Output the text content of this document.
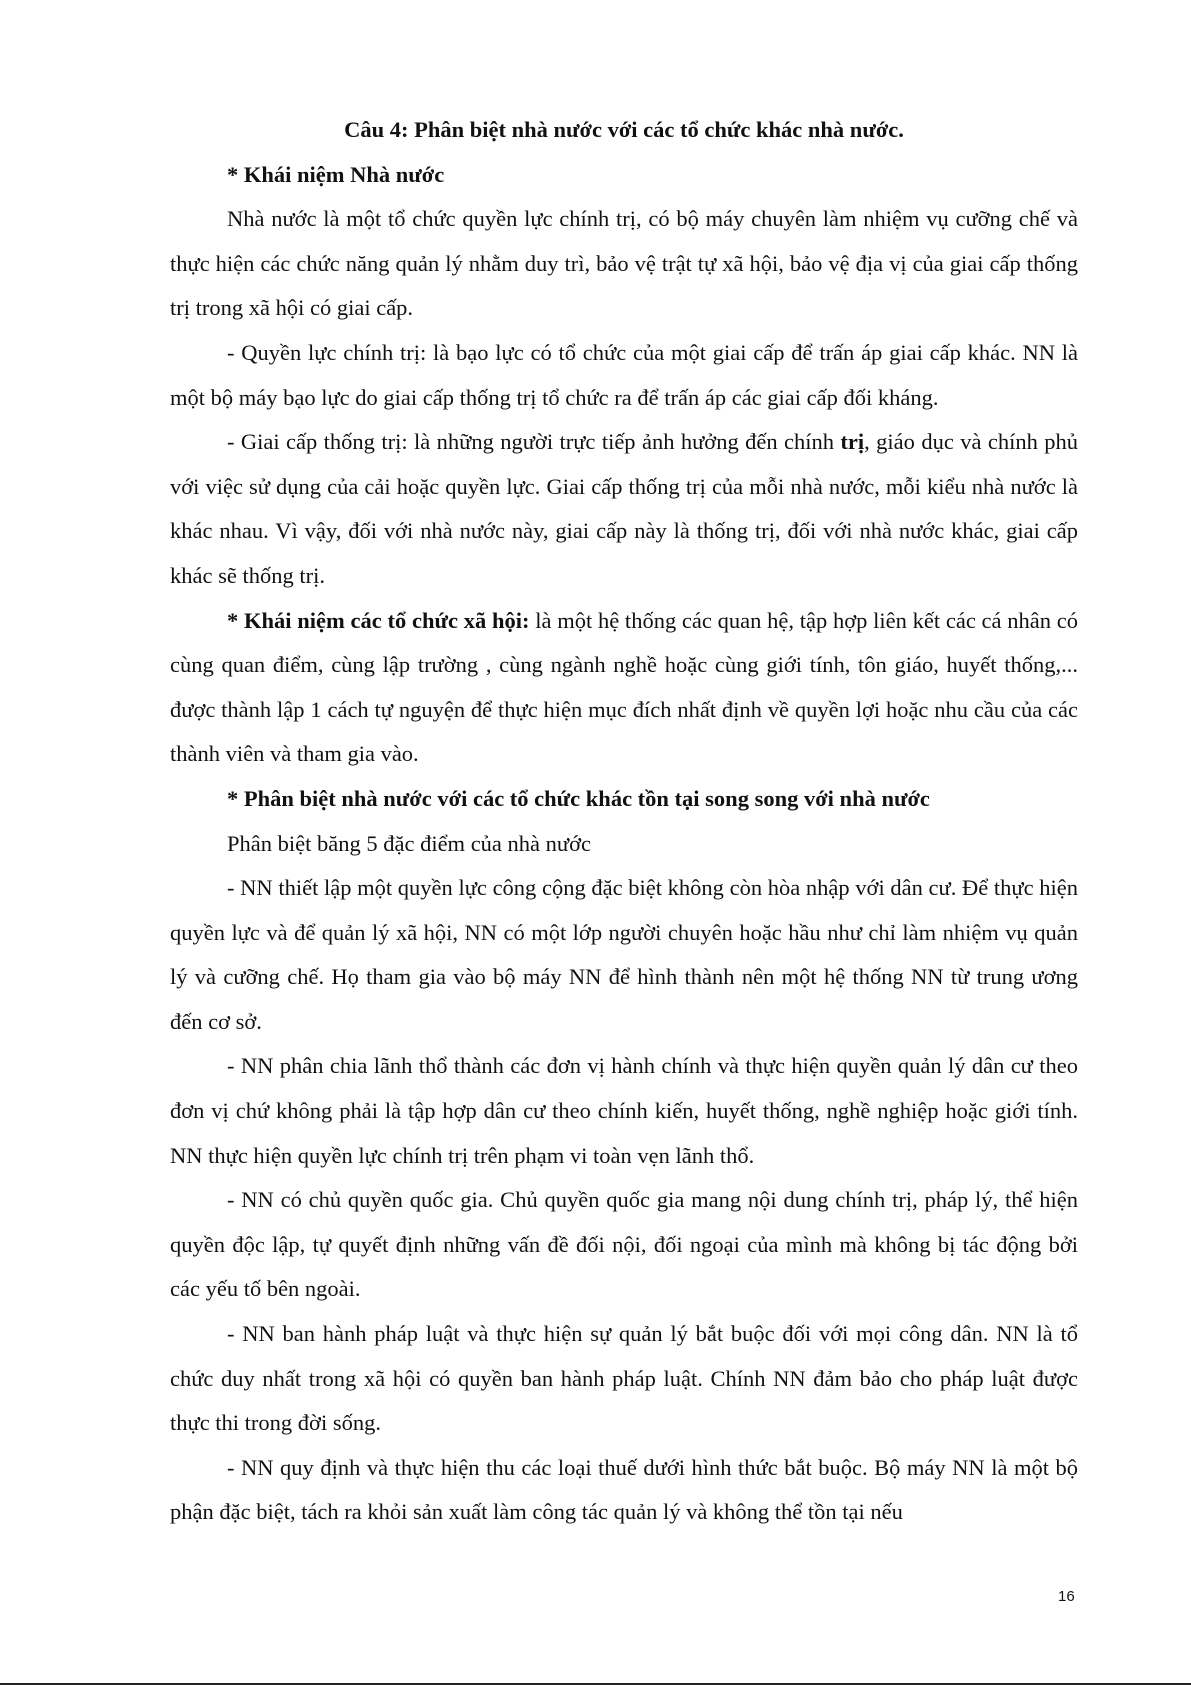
Câu 4: Phân biệt nhà nước với các tổ chức khác nhà nước.

* Khái niệm Nhà nước

Nhà nước là một tổ chức quyền lực chính trị, có bộ máy chuyên làm nhiệm vụ cưỡng chế và thực hiện các chức năng quản lý nhằm duy trì, bảo vệ trật tự xã hội, bảo vệ địa vị của giai cấp thống trị trong xã hội có giai cấp.

- Quyền lực chính trị: là bạo lực có tổ chức của một giai cấp để trấn áp giai cấp khác. NN là một bộ máy bạo lực do giai cấp thống trị tổ chức ra để trấn áp các giai cấp đối kháng.

- Giai cấp thống trị: là những người trực tiếp ảnh hưởng đến chính trị, giáo dục và chính phủ với việc sử dụng của cải hoặc quyền lực. Giai cấp thống trị của mỗi nhà nước, mỗi kiểu nhà nước là khác nhau. Vì vậy, đối với nhà nước này, giai cấp này là thống trị, đối với nhà nước khác, giai cấp khác sẽ thống trị.

* Khái niệm các tổ chức xã hội: là một hệ thống các quan hệ, tập hợp liên kết các cá nhân có cùng quan điểm, cùng lập trường , cùng ngành nghề hoặc cùng giới tính, tôn giáo, huyết thống,... được thành lập 1 cách tự nguyện để thực hiện mục đích nhất định về quyền lợi hoặc nhu cầu của các thành viên và tham gia vào.

* Phân biệt nhà nước với các tổ chức khác tồn tại song song với nhà nước

Phân biệt băng 5 đặc điểm của nhà nước

- NN thiết lập một quyền lực công cộng đặc biệt không còn hòa nhập với dân cư. Để thực hiện quyền lực và để quản lý xã hội, NN có một lớp người chuyên hoặc hầu như chỉ làm nhiệm vụ quản lý và cưỡng chế. Họ tham gia vào bộ máy NN để hình thành nên một hệ thống NN từ trung ương đến cơ sở.

- NN phân chia lãnh thổ thành các đơn vị hành chính và thực hiện quyền quản lý dân cư theo đơn vị chứ không phải là tập hợp dân cư theo chính kiến, huyết thống, nghề nghiệp hoặc giới tính. NN thực hiện quyền lực chính trị trên phạm vi toàn vẹn lãnh thổ.

- NN có chủ quyền quốc gia. Chủ quyền quốc gia mang nội dung chính trị, pháp lý, thể hiện quyền độc lập, tự quyết định những vấn đề đối nội, đối ngoại của mình mà không bị tác động bởi các yếu tố bên ngoài.

- NN ban hành pháp luật và thực hiện sự quản lý bắt buộc đối với mọi công dân. NN là tổ chức duy nhất trong xã hội có quyền ban hành pháp luật. Chính NN đảm bảo cho pháp luật được thực thi trong đời sống.

- NN quy định và thực hiện thu các loại thuế dưới hình thức bắt buộc. Bộ máy NN là một bộ phận đặc biệt, tách ra khỏi sản xuất làm công tác quản lý và không thể tồn tại nếu

16
